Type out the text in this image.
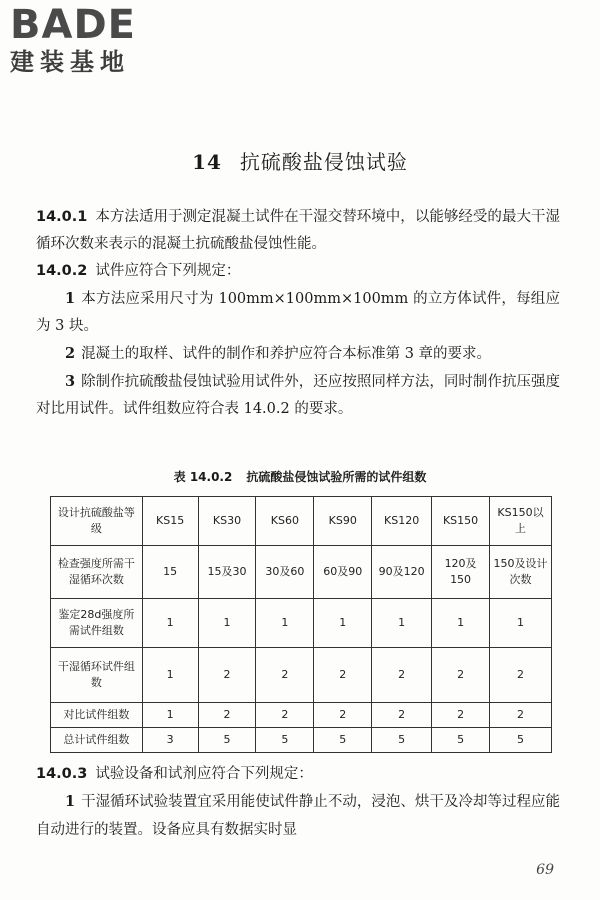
BADE
建装基地
14 抗硫酸盐侵蚀试验

14.0.1 本方法适用于测定混凝土试件在干湿交替环境中，以能够经受的最大干湿循环次数来表示的混凝土抗硫酸盐侵蚀性能。

14.0.2 试件应符合下列规定：

1 本方法应采用尺寸为 100mm×100mm×100mm 的立方体试件，每组应为 3 块。

2 混凝土的取样、试件的制作和养护应符合本标准第 3 章的要求。

3 除制作抗硫酸盐侵蚀试验用试件外，还应按照同样方法，同时制作抗压强度对比用试件。试件组数应符合表 14.0.2 的要求。

表 14.0.2 抗硫酸盐侵蚀试验所需的试件组数
设计抗硫酸盐等级	KS15	KS30	KS60	KS90	KS120	KS150	KS150以上
检查强度所需干湿循环次数	15	15及30	30及60	60及90	90及120	120及150	150及设计次数
鉴定28d强度所需试件组数	1	1	1	1	1	1	1
干湿循环试件组数	1	2	2	2	2	2	2
对比试件组数	1	2	2	2	2	2	2
总计试件组数	3	5	5	5	5	5	5

14.0.3 试验设备和试剂应符合下列规定：

1 干湿循环试验装置宜采用能使试件静止不动，浸泡、烘干及冷却等过程应能自动进行的装置。设备应具有数据实时显

69
